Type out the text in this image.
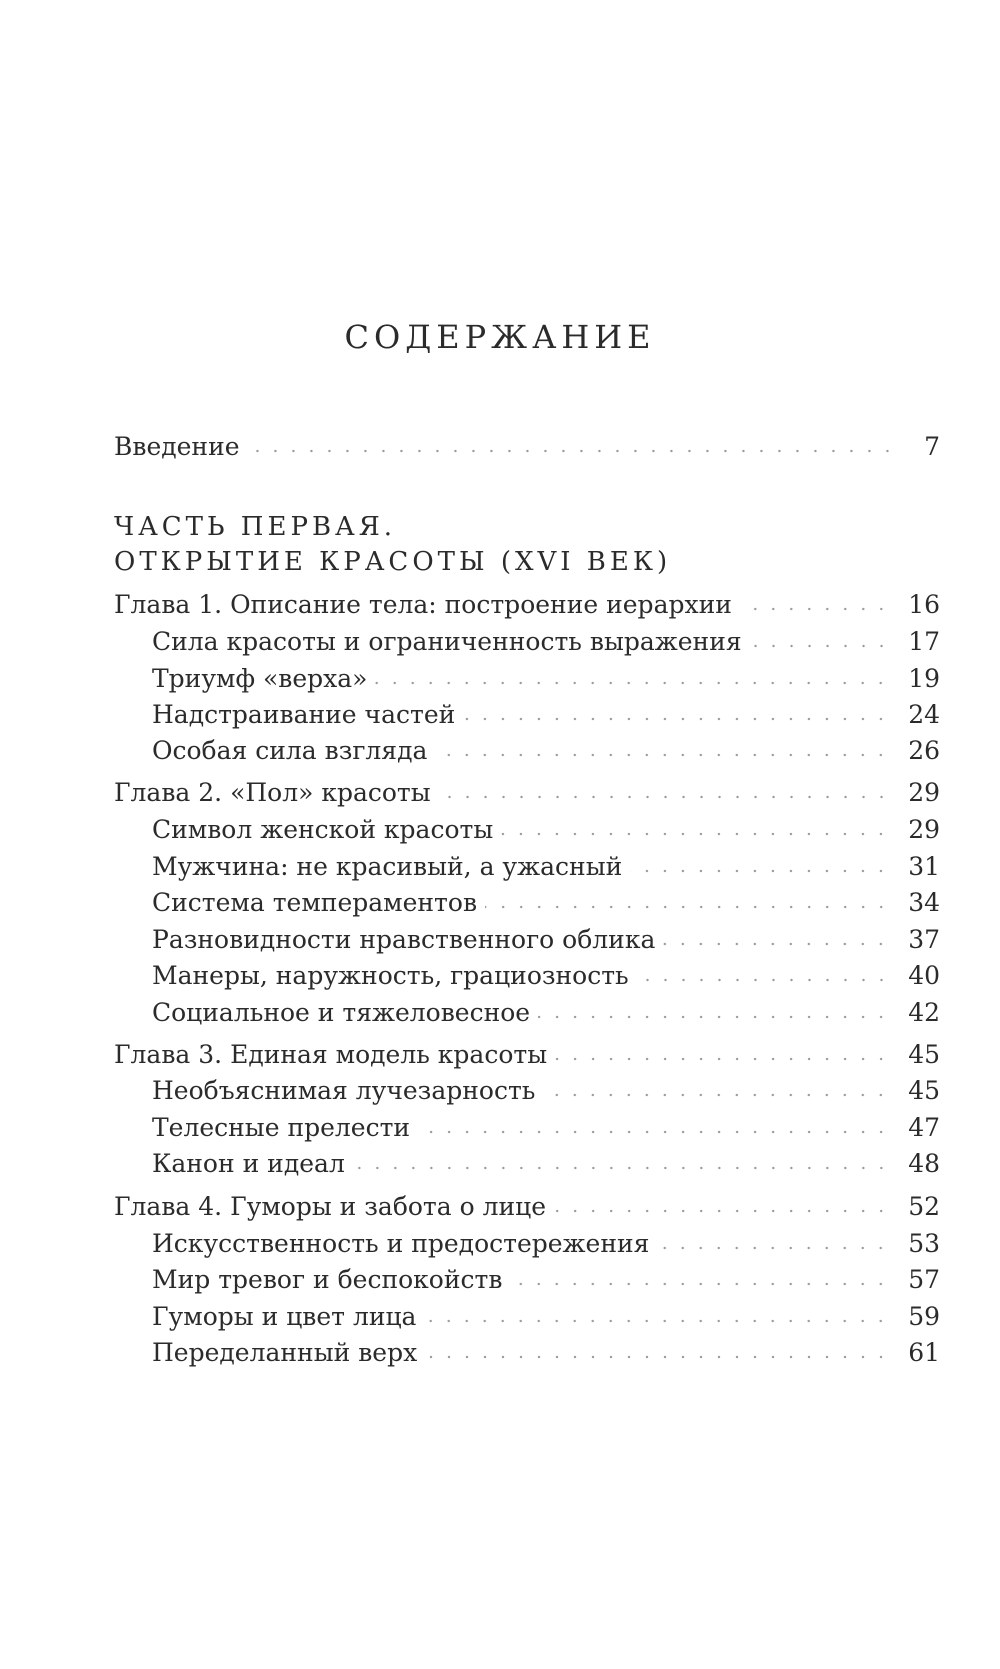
СОДЕРЖАНИЕ
Введение	7
ЧАСТЬ ПЕРВАЯ.
ОТКРЫТИЕ КРАСОТЫ (XVI ВЕК)
Глава 1. Описание тела: построение иерархии	16
Сила красоты и ограниченность выражения	17
Триумф «верха»	19
Надстраивание частей	24
Особая сила взгляда	26
Глава 2. «Пол» красоты	29
Символ женской красоты	29
Мужчина: не красивый, а ужасный	31
Система темпераментов	34
Разновидности нравственного облика	37
Манеры, наружность, грациозность	40
Социальное и тяжеловесное	42
Глава 3. Единая модель красоты	45
Необъяснимая лучезарность	45
Телесные прелести	47
Канон и идеал	48
Глава 4. Гуморы и забота о лице	52
Искусственность и предостережения	53
Мир тревог и беспокойств	57
Гуморы и цвет лица	59
Переделанный верх	61
